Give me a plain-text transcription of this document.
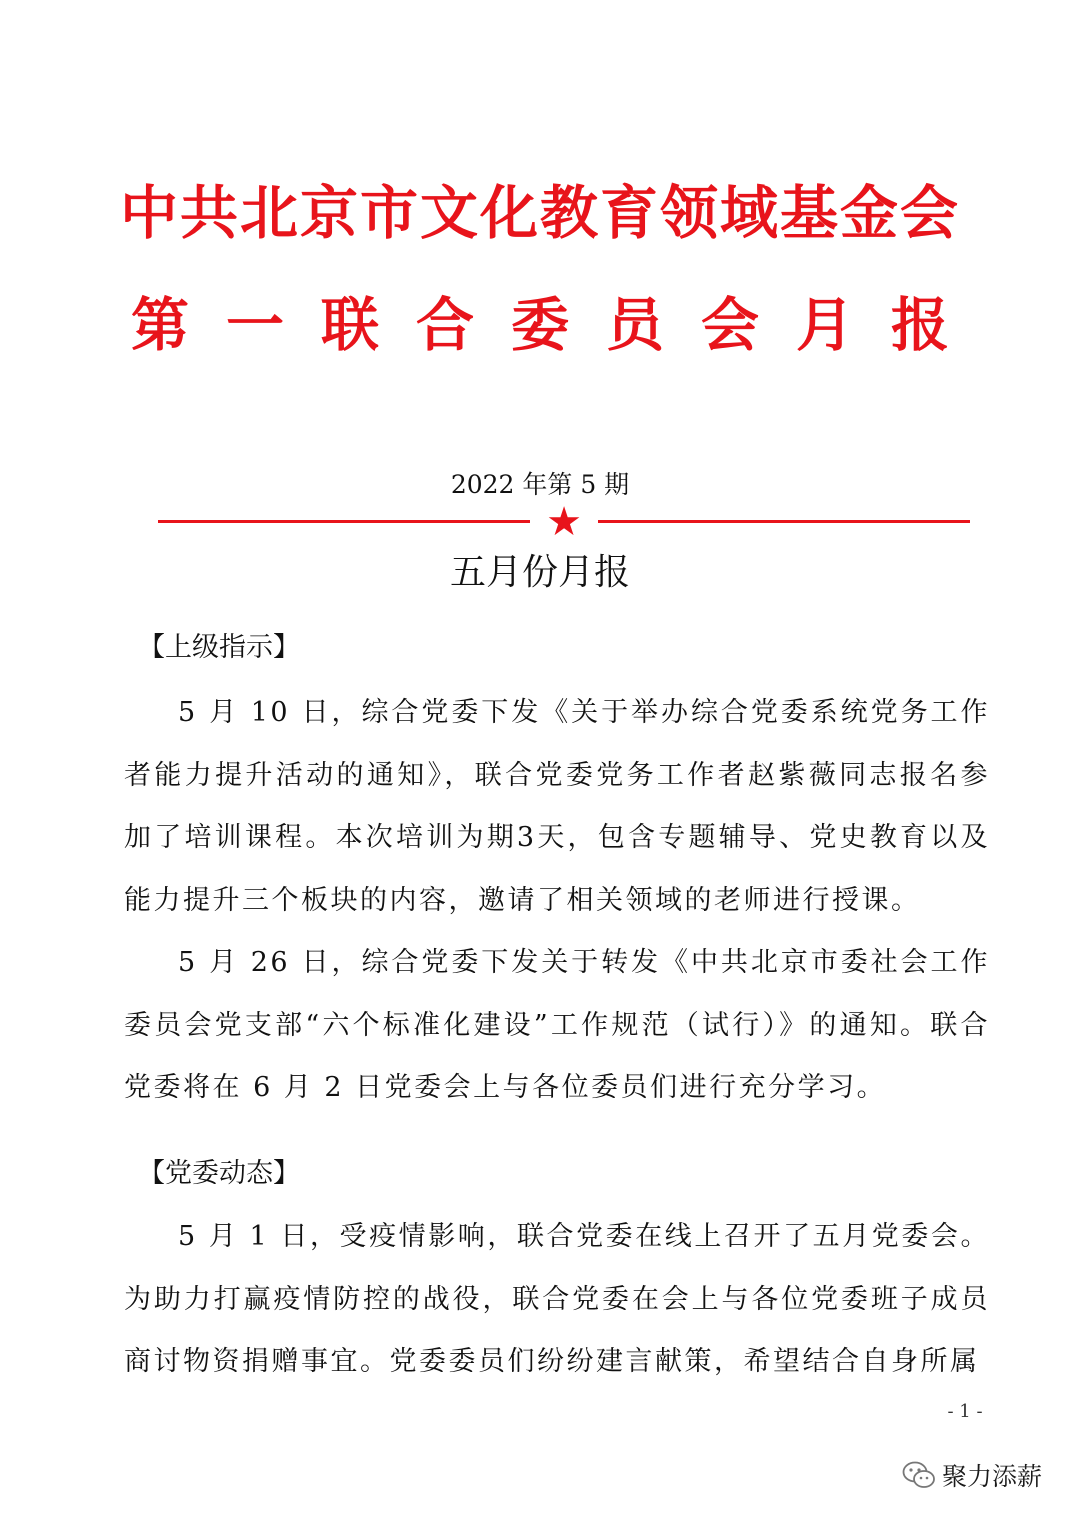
中共北京市文化教育领域基金会
第一联合委员会月报
2022 年第 5 期
★
五月份月报
【上级指示】

5 月 10 日，综合党委下发《关于举办综合党委系统党务工作者能力提升活动的通知》，联合党委党务工作者赵紫薇同志报名参加了培训课程。本次培训为期3天，包含专题辅导、党史教育以及能力提升三个板块的内容，邀请了相关领域的老师进行授课。

5 月 26 日，综合党委下发关于转发《中共北京市委社会工作委员会党支部“六个标准化建设”工作规范（试行）》的通知。联合党委将在 6 月 2 日党委会上与各位委员们进行充分学习。

【党委动态】

5 月 1 日，受疫情影响，联合党委在线上召开了五月党委会。为助力打赢疫情防控的战役，联合党委在会上与各位党委班子成员商讨物资捐赠事宜。党委委员们纷纷建言献策，希望结合自身所属

- 1 -
聚力添薪
